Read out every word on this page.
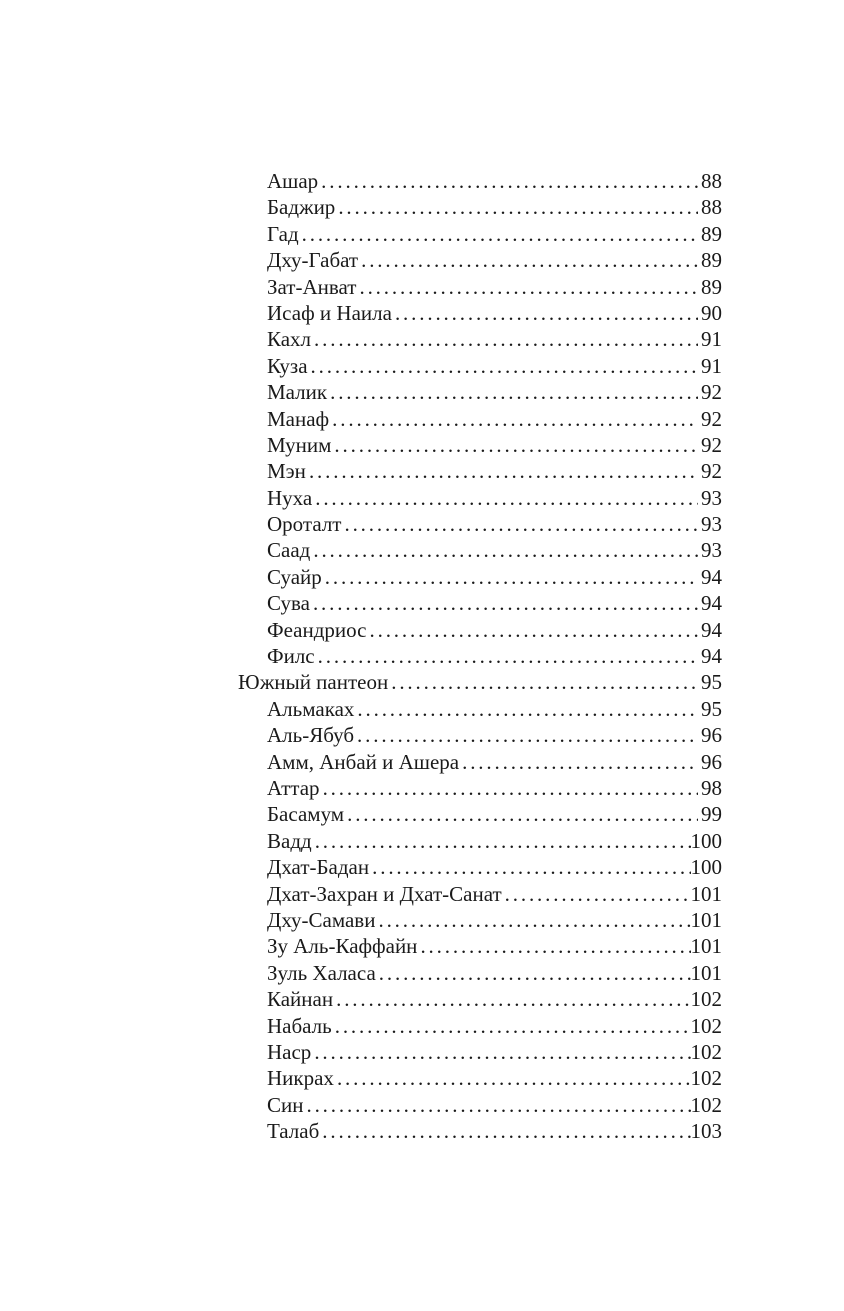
Ашар . . .	88
Баджир . . .	88
Гад . . .	89
Дху-Габат . . .	89
Зат-Анват . . .	89
Исаф и Наила . . .	90
Кахл . . .	91
Куза . . .	91
Малик . . .	92
Манаф . . .	92
Муним . . .	92
Мэн . . .	92
Нуха . . .	93
Ороталт . . .	93
Саад . . .	93
Суайр . . .	94
Сува . . .	94
Феандриос . . .	94
Филс . . .	94
Южный пантеон . . .	95
Альмаках . . .	95
Аль-Ябуб . . .	96
Амм, Анбай и Ашера . . .	96
Аттар . . .	98
Басамум . . .	99
Вадд . . .	100
Дхат-Бадан . . .	100
Дхат-Захран и Дхат-Санат . . .	101
Дху-Самави . . .	101
Зу Аль-Каффайн . . .	101
Зуль Халаса . . .	101
Кайнан . . .	102
Набаль . . .	102
Наср . . .	102
Никрах . . .	102
Син . . .	102
Талаб . . .	103
